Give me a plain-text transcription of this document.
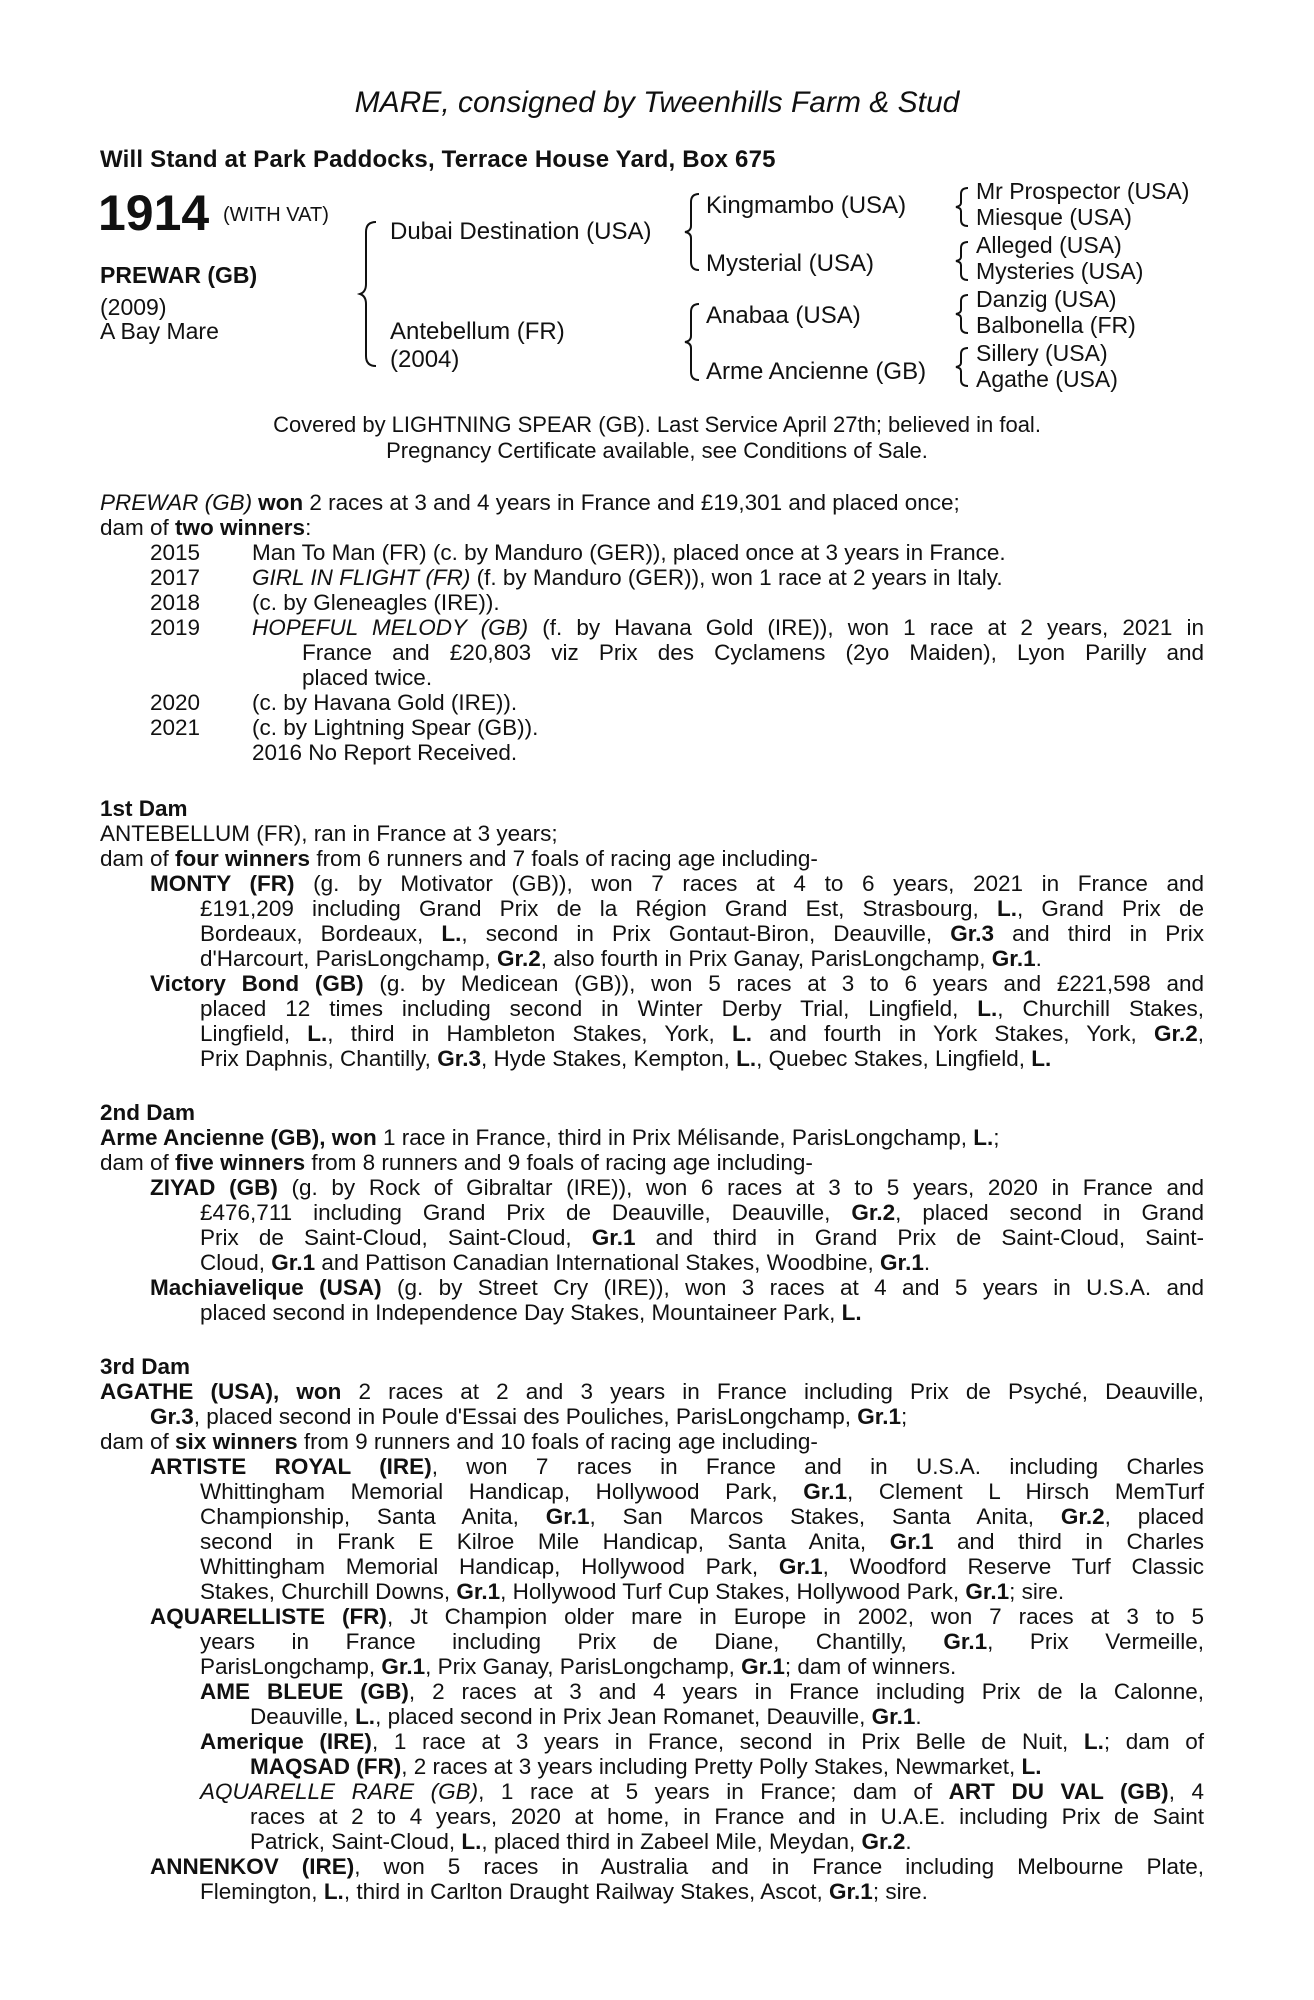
MARE, consigned by Tweenhills Farm & Stud
Will Stand at Park Paddocks, Terrace House Yard, Box 675
1914 (WITH VAT)
PREWAR (GB)
(2009)
A Bay Mare
Dubai Destination (USA)
Antebellum (FR)
(2004)
Kingmambo (USA)
Mysterial (USA)
Anabaa (USA)
Arme Ancienne (GB)
Mr Prospector (USA)
Miesque (USA)
Alleged (USA)
Mysteries (USA)
Danzig (USA)
Balbonella (FR)
Sillery (USA)
Agathe (USA)
Covered by LIGHTNING SPEAR (GB). Last Service April 27th; believed in foal.
Pregnancy Certificate available, see Conditions of Sale.
PREWAR (GB) won 2 races at 3 and 4 years in France and £19,301 and placed once;
dam of two winners:
2015 Man To Man (FR) (c. by Manduro (GER)), placed once at 3 years in France.
2017 GIRL IN FLIGHT (FR) (f. by Manduro (GER)), won 1 race at 2 years in Italy.
2018 (c. by Gleneagles (IRE)).
2019 HOPEFUL MELODY (GB) (f. by Havana Gold (IRE)), won 1 race at 2 years, 2021 in
France and £20,803 viz Prix des Cyclamens (2yo Maiden), Lyon Parilly and
placed twice.
2020 (c. by Havana Gold (IRE)).
2021 (c. by Lightning Spear (GB)).
2016 No Report Received.
1st Dam
ANTEBELLUM (FR), ran in France at 3 years;
dam of four winners from 6 runners and 7 foals of racing age including-
MONTY (FR) (g. by Motivator (GB)), won 7 races at 4 to 6 years, 2021 in France and
£191,209 including Grand Prix de la Région Grand Est, Strasbourg, L., Grand Prix de
Bordeaux, Bordeaux, L., second in Prix Gontaut-Biron, Deauville, Gr.3 and third in Prix
d'Harcourt, ParisLongchamp, Gr.2, also fourth in Prix Ganay, ParisLongchamp, Gr.1.
Victory Bond (GB) (g. by Medicean (GB)), won 5 races at 3 to 6 years and £221,598 and
placed 12 times including second in Winter Derby Trial, Lingfield, L., Churchill Stakes,
Lingfield, L., third in Hambleton Stakes, York, L. and fourth in York Stakes, York, Gr.2,
Prix Daphnis, Chantilly, Gr.3, Hyde Stakes, Kempton, L., Quebec Stakes, Lingfield, L.
2nd Dam
Arme Ancienne (GB), won 1 race in France, third in Prix Mélisande, ParisLongchamp, L.;
dam of five winners from 8 runners and 9 foals of racing age including-
ZIYAD (GB) (g. by Rock of Gibraltar (IRE)), won 6 races at 3 to 5 years, 2020 in France and
£476,711 including Grand Prix de Deauville, Deauville, Gr.2, placed second in Grand
Prix de Saint-Cloud, Saint-Cloud, Gr.1 and third in Grand Prix de Saint-Cloud, Saint-
Cloud, Gr.1 and Pattison Canadian International Stakes, Woodbine, Gr.1.
Machiavelique (USA) (g. by Street Cry (IRE)), won 3 races at 4 and 5 years in U.S.A. and
placed second in Independence Day Stakes, Mountaineer Park, L.
3rd Dam
AGATHE (USA), won 2 races at 2 and 3 years in France including Prix de Psyché, Deauville,
Gr.3, placed second in Poule d'Essai des Pouliches, ParisLongchamp, Gr.1;
dam of six winners from 9 runners and 10 foals of racing age including-
ARTISTE ROYAL (IRE), won 7 races in France and in U.S.A. including Charles
Whittingham Memorial Handicap, Hollywood Park, Gr.1, Clement L Hirsch MemTurf
Championship, Santa Anita, Gr.1, San Marcos Stakes, Santa Anita, Gr.2, placed
second in Frank E Kilroe Mile Handicap, Santa Anita, Gr.1 and third in Charles
Whittingham Memorial Handicap, Hollywood Park, Gr.1, Woodford Reserve Turf Classic
Stakes, Churchill Downs, Gr.1, Hollywood Turf Cup Stakes, Hollywood Park, Gr.1; sire.
AQUARELLISTE (FR), Jt Champion older mare in Europe in 2002, won 7 races at 3 to 5
years in France including Prix de Diane, Chantilly, Gr.1, Prix Vermeille,
ParisLongchamp, Gr.1, Prix Ganay, ParisLongchamp, Gr.1; dam of winners.
AME BLEUE (GB), 2 races at 3 and 4 years in France including Prix de la Calonne,
Deauville, L., placed second in Prix Jean Romanet, Deauville, Gr.1.
Amerique (IRE), 1 race at 3 years in France, second in Prix Belle de Nuit, L.; dam of
MAQSAD (FR), 2 races at 3 years including Pretty Polly Stakes, Newmarket, L.
AQUARELLE RARE (GB), 1 race at 5 years in France; dam of ART DU VAL (GB), 4
races at 2 to 4 years, 2020 at home, in France and in U.A.E. including Prix de Saint
Patrick, Saint-Cloud, L., placed third in Zabeel Mile, Meydan, Gr.2.
ANNENKOV (IRE), won 5 races in Australia and in France including Melbourne Plate,
Flemington, L., third in Carlton Draught Railway Stakes, Ascot, Gr.1; sire.
